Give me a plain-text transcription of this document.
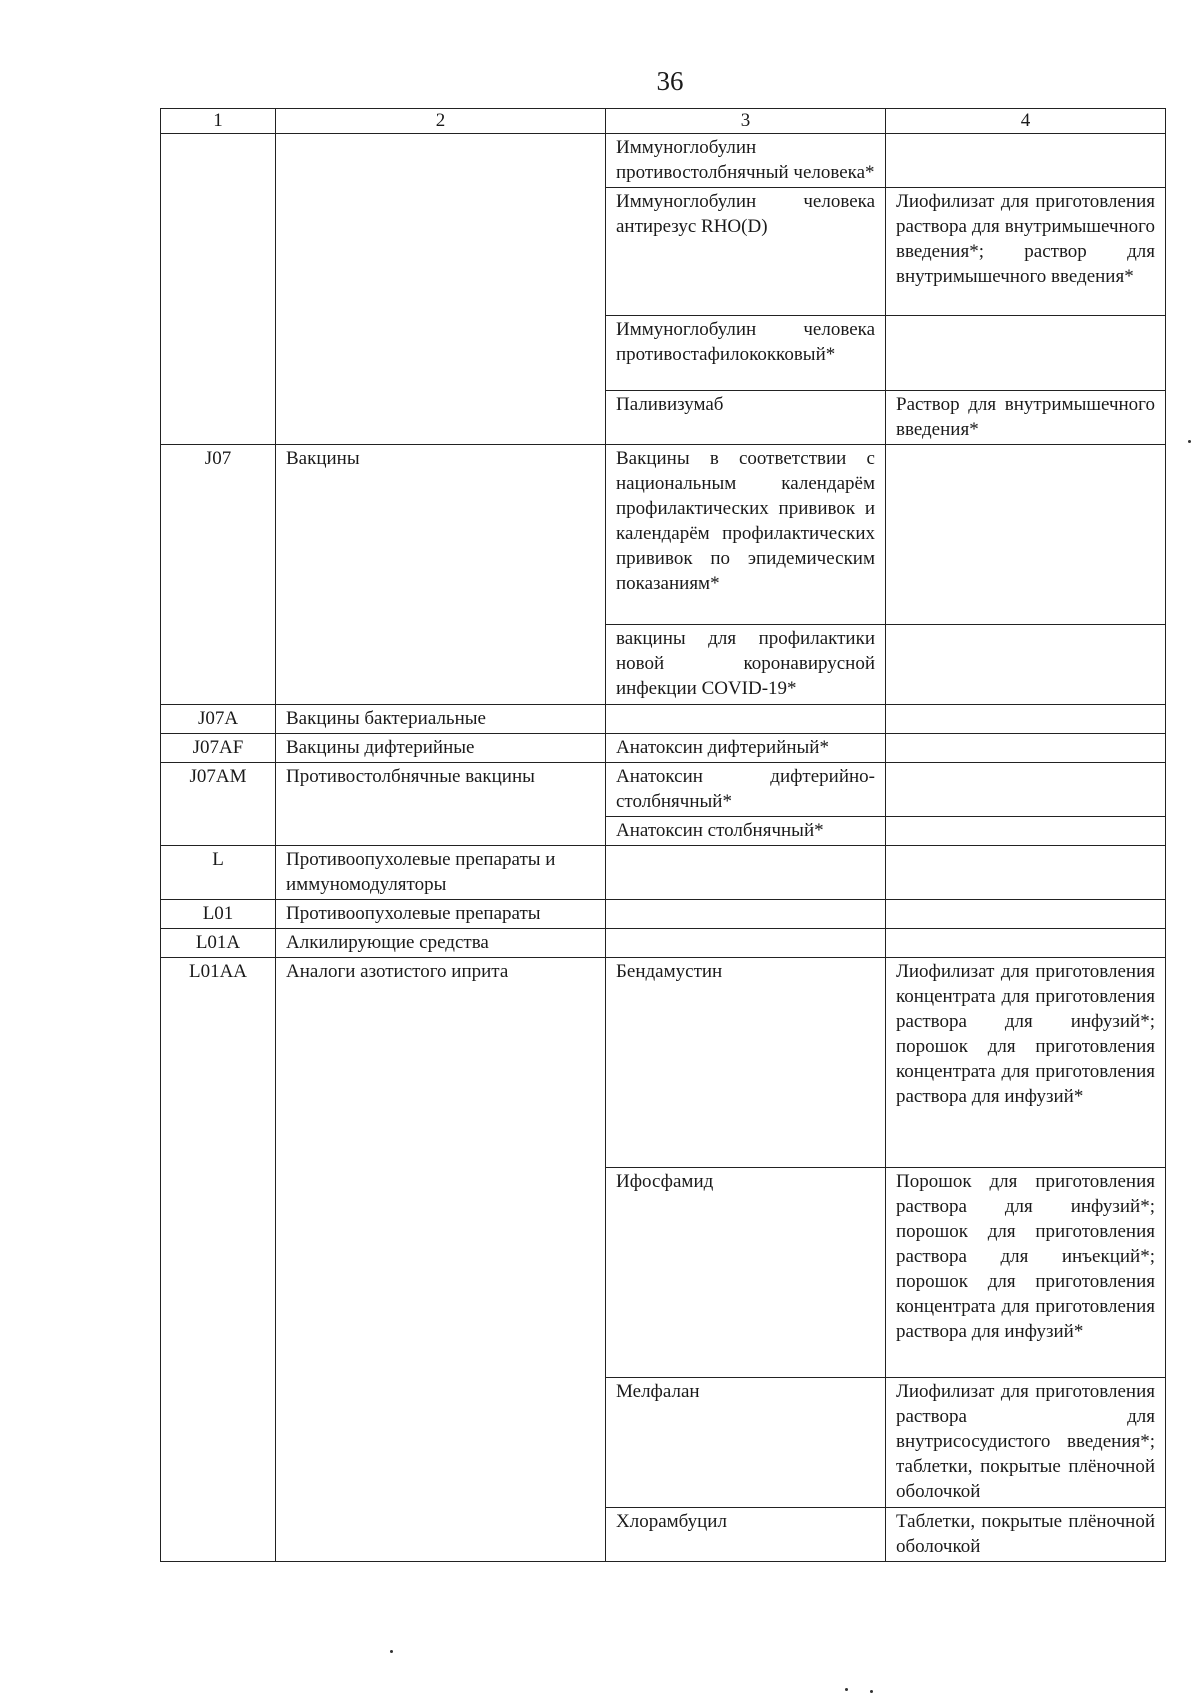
36
1	2	3	4
		Иммуноглобулин противостолбнячный человека*	
		Иммуноглобулин человека антирезус RHO(D)	Лиофилизат для приготовления раствора для внутримышечного введения*; раствор для внутримышечного введения*
		Иммуноглобулин человека противостафилококковый*	
		Паливизумаб	Раствор для внутримышечного введения*
J07	Вакцины	Вакцины в соответствии с национальным календарём профилактических прививок и календарём профилактических прививок по эпидемическим показаниям*	
		вакцины для профилактики новой коронавирусной инфекции COVID-19*	
J07A	Вакцины бактериальные		
J07AF	Вакцины дифтерийные	Анатоксин дифтерийный*	
J07AM	Противостолбнячные вакцины	Анатоксин дифтерийно-столбнячный*	
		Анатоксин столбнячный*	
L	Противоопухолевые препараты и иммуномодуляторы		
L01	Противоопухолевые препараты		
L01A	Алкилирующие средства		
L01AA	Аналоги азотистого иприта	Бендамустин	Лиофилизат для приготовления концентрата для приготовления раствора для инфузий*; порошок для приготовления концентрата для приготовления раствора для инфузий*
		Ифосфамид	Порошок для приготовления раствора для инфузий*; порошок для приготовления раствора для инъекций*; порошок для приготовления концентрата для приготовления раствора для инфузий*
		Мелфалан	Лиофилизат для приготовления раствора для внутрисосудистого введения*; таблетки, покрытые плёночной оболочкой
		Хлорамбуцил	Таблетки, покрытые плёночной оболочкой
